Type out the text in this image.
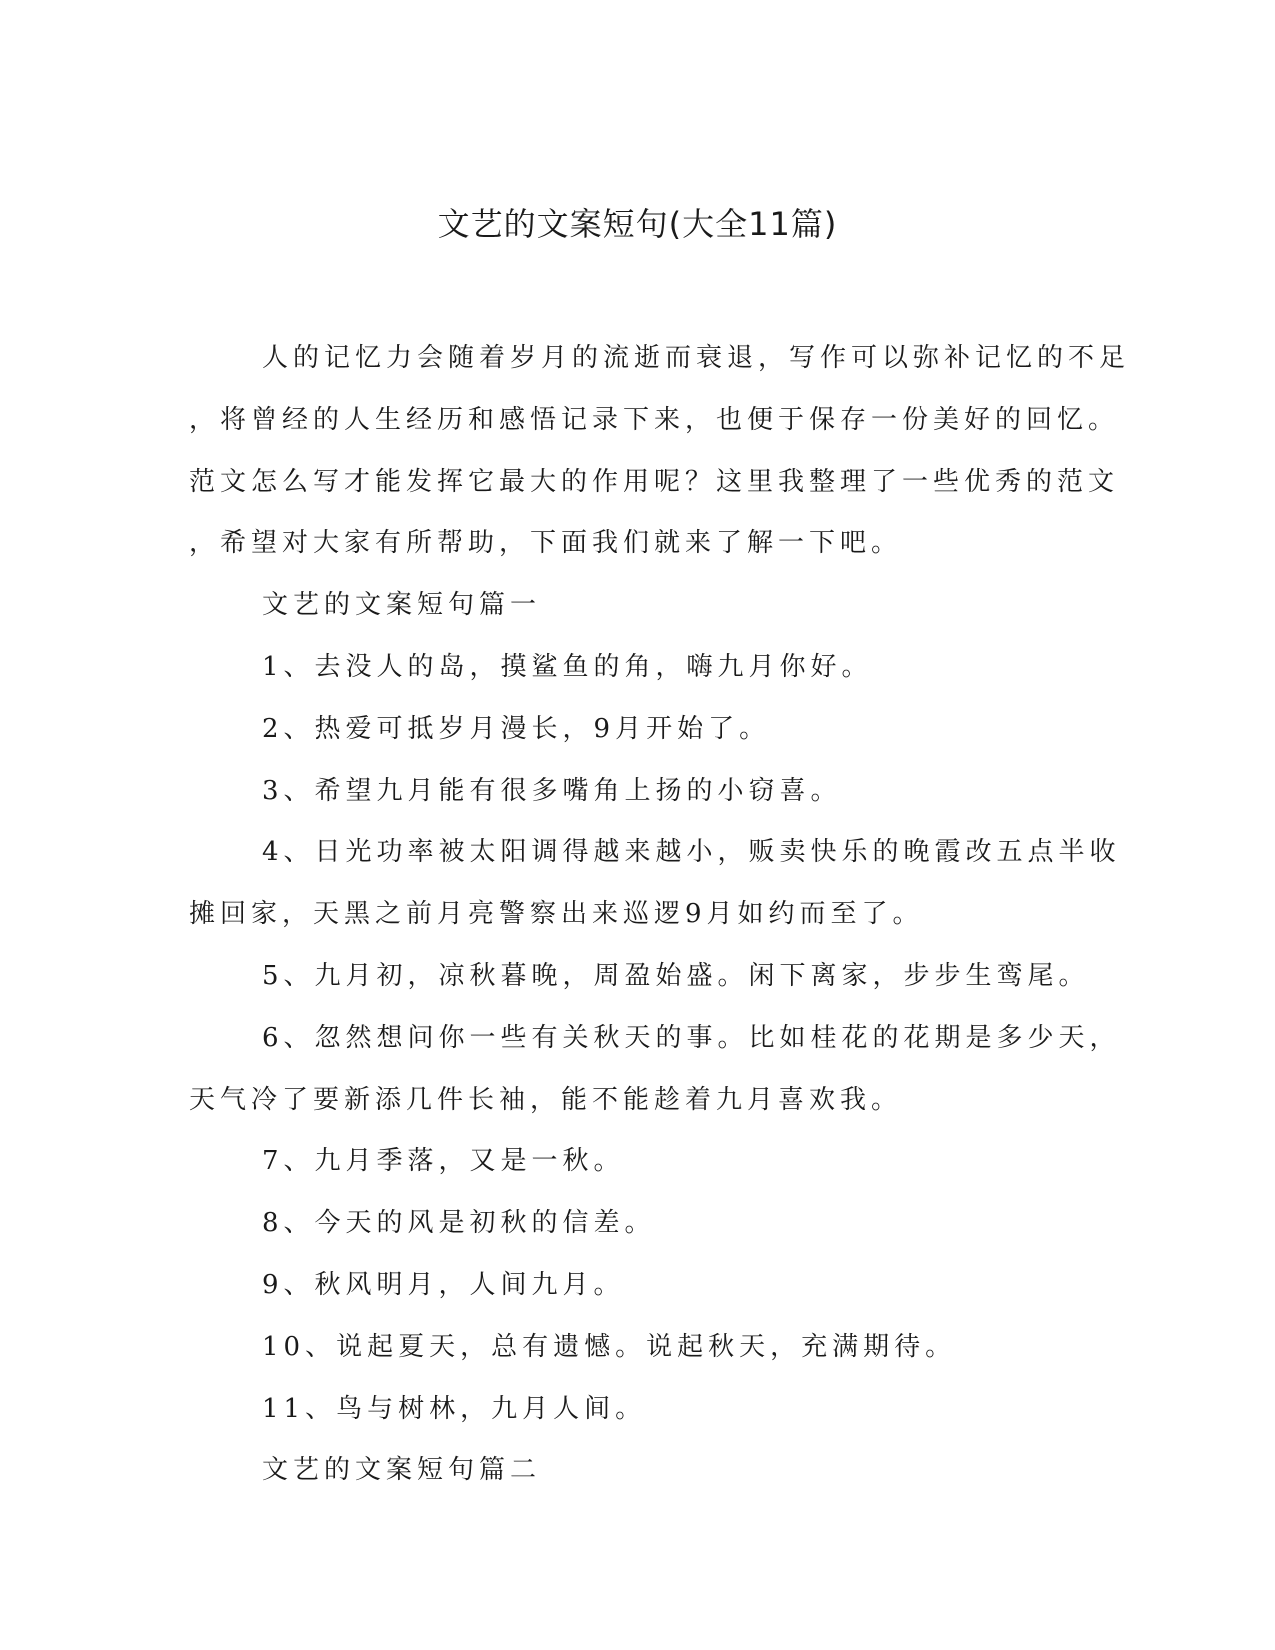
文艺的文案短句(大全11篇)

人的记忆力会随着岁月的流逝而衰退，写作可以弥补记忆的不足

，将曾经的人生经历和感悟记录下来，也便于保存一份美好的回忆。

范文怎么写才能发挥它最大的作用呢？这里我整理了一些优秀的范文

，希望对大家有所帮助，下面我们就来了解一下吧。

文艺的文案短句篇一

1、去没人的岛，摸鲨鱼的角，嗨九月你好。

2、热爱可抵岁月漫长，9月开始了。

3、希望九月能有很多嘴角上扬的小窃喜。

4、日光功率被太阳调得越来越小，贩卖快乐的晚霞改五点半收

摊回家，天黑之前月亮警察出来巡逻9月如约而至了。

5、九月初，凉秋暮晚，周盈始盛。闲下离家，步步生鸾尾。

6、忽然想问你一些有关秋天的事。比如桂花的花期是多少天，

天气冷了要新添几件长袖，能不能趁着九月喜欢我。

7、九月季落，又是一秋。

8、今天的风是初秋的信差。

9、秋风明月，人间九月。

10、说起夏天，总有遗憾。说起秋天，充满期待。

11、鸟与树林，九月人间。

文艺的文案短句篇二
